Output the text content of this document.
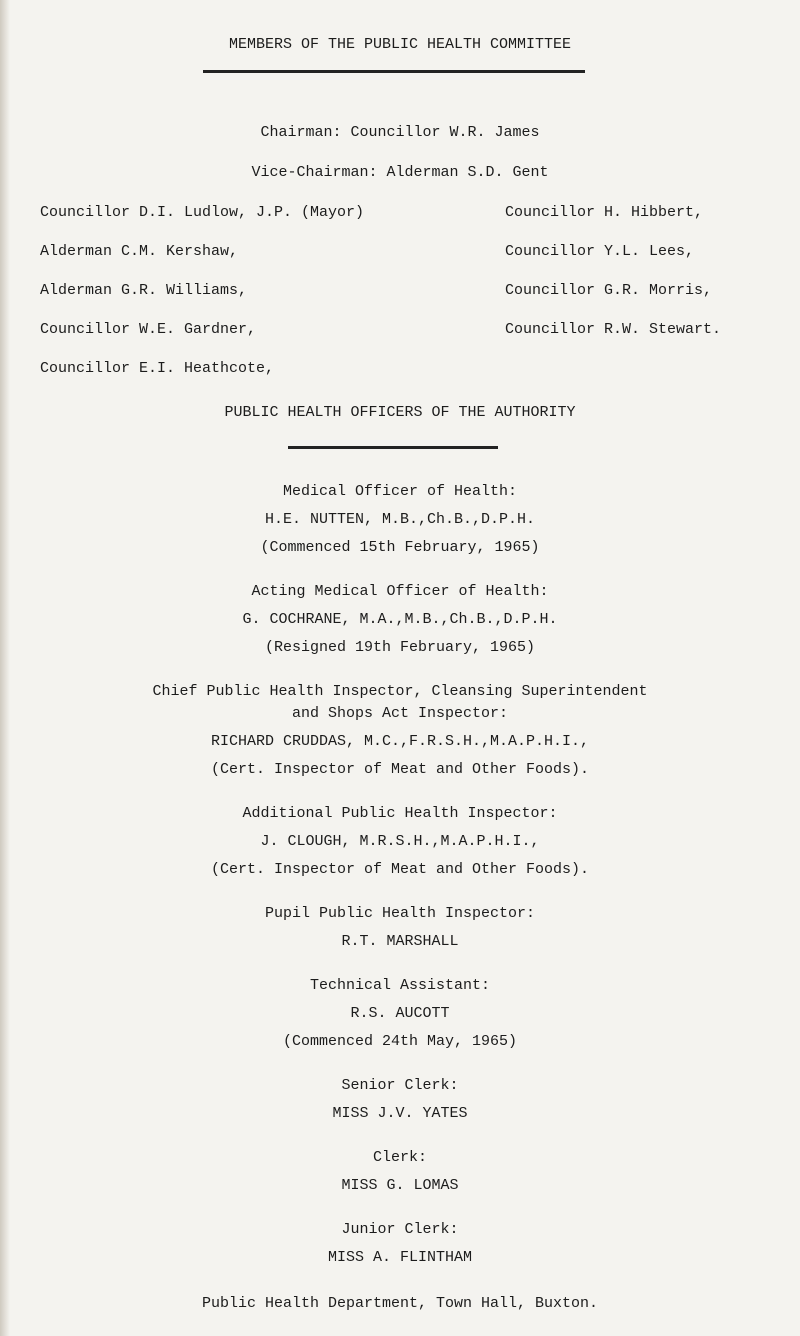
MEMBERS OF THE PUBLIC HEALTH COMMITTEE
Chairman: Councillor W.R. James
Vice-Chairman: Alderman S.D. Gent
Councillor D.I. Ludlow, J.P. (Mayor)
Alderman C.M. Kershaw,
Alderman G.R. Williams,
Councillor W.E. Gardner,
Councillor E.I. Heathcote,
Councillor H. Hibbert,
Councillor Y.L. Lees,
Councillor G.R. Morris,
Councillor R.W. Stewart.
PUBLIC HEALTH OFFICERS OF THE AUTHORITY
Medical Officer of Health:
H.E. NUTTEN, M.B.,Ch.B.,D.P.H.
(Commenced 15th February, 1965)
Acting Medical Officer of Health:
G. COCHRANE, M.A.,M.B.,Ch.B.,D.P.H.
(Resigned 19th February, 1965)
Chief Public Health Inspector, Cleansing Superintendent
and Shops Act Inspector:
RICHARD CRUDDAS, M.C.,F.R.S.H.,M.A.P.H.I.,
(Cert. Inspector of Meat and Other Foods).
Additional Public Health Inspector:
J. CLOUGH, M.R.S.H.,M.A.P.H.I.,
(Cert. Inspector of Meat and Other Foods).
Pupil Public Health Inspector:
R.T. MARSHALL
Technical Assistant:
R.S. AUCOTT
(Commenced 24th May, 1965)
Senior Clerk:
MISS J.V. YATES
Clerk:
MISS G. LOMAS
Junior Clerk:
MISS A. FLINTHAM
Public Health Department, Town Hall, Buxton.
